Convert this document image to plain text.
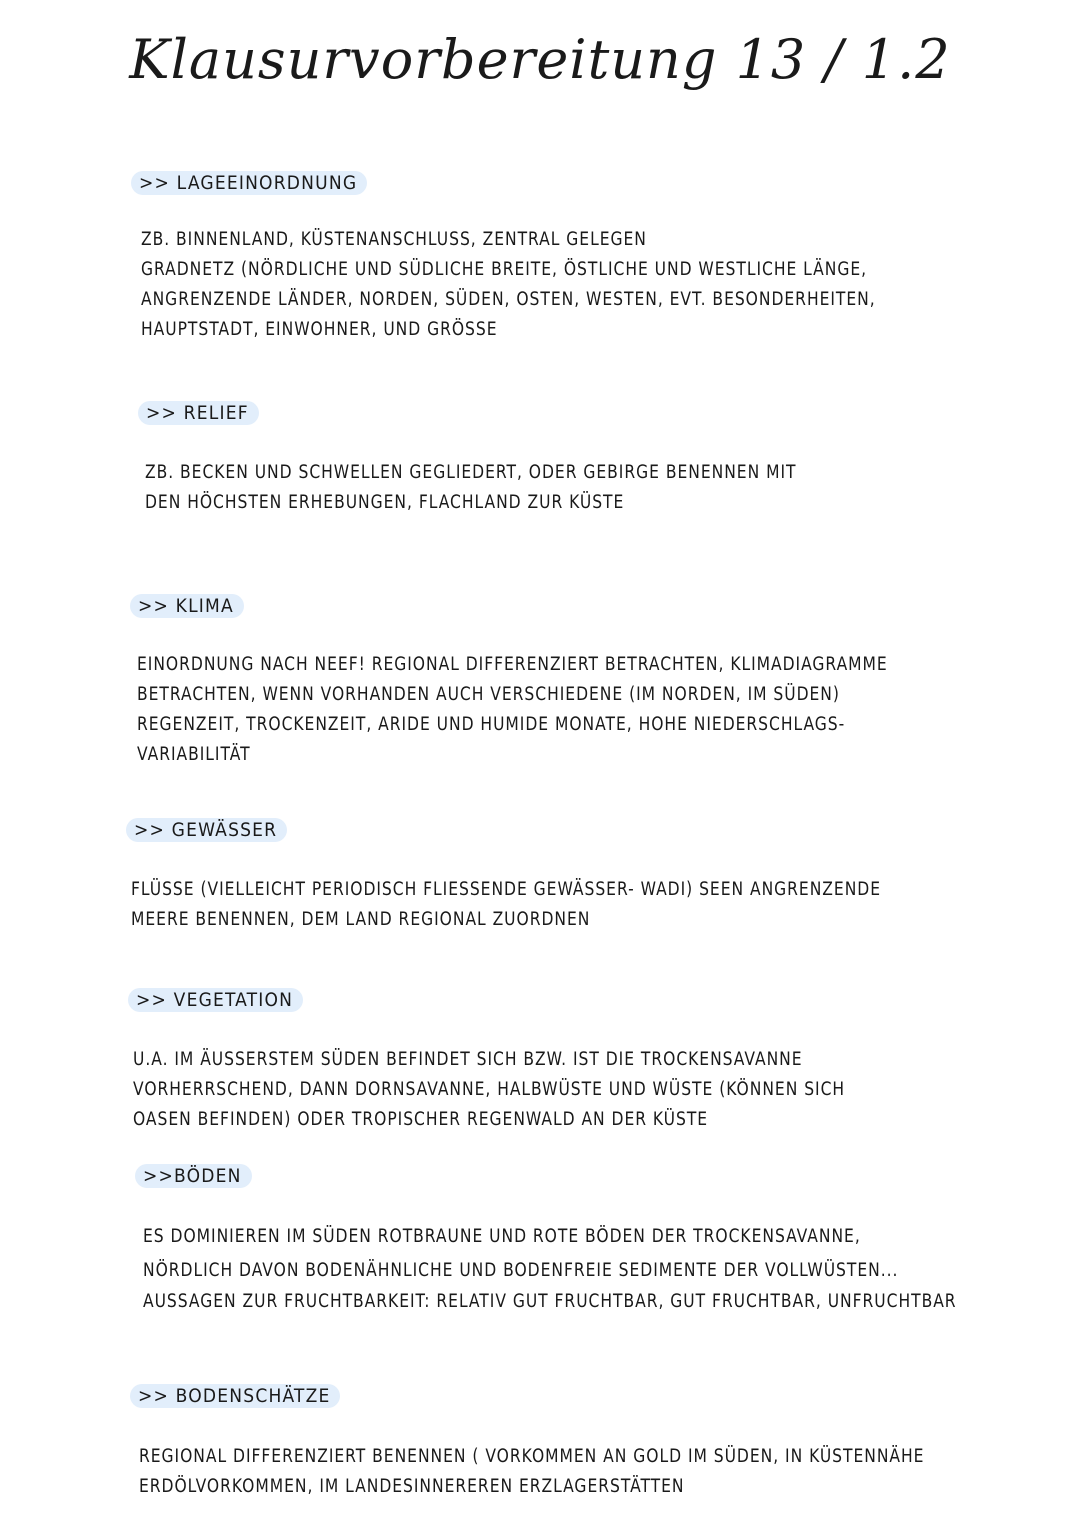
Klausurvorbereitung 13 / 1.2
>> LAGEEINORDNUNG
ZB. BINNENLAND, KÜSTENANSCHLUSS, ZENTRAL GELEGEN
GRADNETZ (NÖRDLICHE UND SÜDLICHE BREITE, ÖSTLICHE UND WESTLICHE LÄNGE,
ANGRENZENDE LÄNDER, NORDEN, SÜDEN, OSTEN, WESTEN, EVT. BESONDERHEITEN,
HAUPTSTADT, EINWOHNER, UND GRÖSSE
>> RELIEF
ZB. BECKEN UND SCHWELLEN GEGLIEDERT, ODER GEBIRGE BENENNEN MIT
DEN HÖCHSTEN ERHEBUNGEN, FLACHLAND ZUR KÜSTE
>> KLIMA
EINORDNUNG NACH NEEF! REGIONAL DIFFERENZIERT BETRACHTEN, KLIMADIAGRAMME
BETRACHTEN, WENN VORHANDEN AUCH VERSCHIEDENE (IM NORDEN, IM SÜDEN)
REGENZEIT, TROCKENZEIT, ARIDE UND HUMIDE MONATE, HOHE NIEDERSCHLAGS-
VARIABILITÄT
>> GEWÄSSER
FLÜSSE (VIELLEICHT PERIODISCH FLIESSENDE GEWÄSSER- WADI) SEEN ANGRENZENDE
MEERE BENENNEN, DEM LAND REGIONAL ZUORDNEN
>> VEGETATION
U.A. IM ÄUSSERSTEM SÜDEN BEFINDET SICH BZW. IST DIE TROCKENSAVANNE
VORHERRSCHEND, DANN DORNSAVANNE, HALBWÜSTE UND WÜSTE (KÖNNEN SICH
OASEN BEFINDEN) ODER TROPISCHER REGENWALD AN DER KÜSTE
>>BÖDEN
ES DOMINIEREN IM SÜDEN ROTBRAUNE UND ROTE BÖDEN DER TROCKENSAVANNE,
NÖRDLICH DAVON BODENÄHNLICHE UND BODENFREIE SEDIMENTE DER VOLLWÜSTEN...
AUSSAGEN ZUR FRUCHTBARKEIT: RELATIV GUT FRUCHTBAR, GUT FRUCHTBAR, UNFRUCHTBAR
>> BODENSCHÄTZE
REGIONAL DIFFERENZIERT BENENNEN ( VORKOMMEN AN GOLD IM SÜDEN, IN KÜSTENNÄHE
ERDÖLVORKOMMEN, IM LANDESINNEREREN ERZLAGERSTÄTTEN
